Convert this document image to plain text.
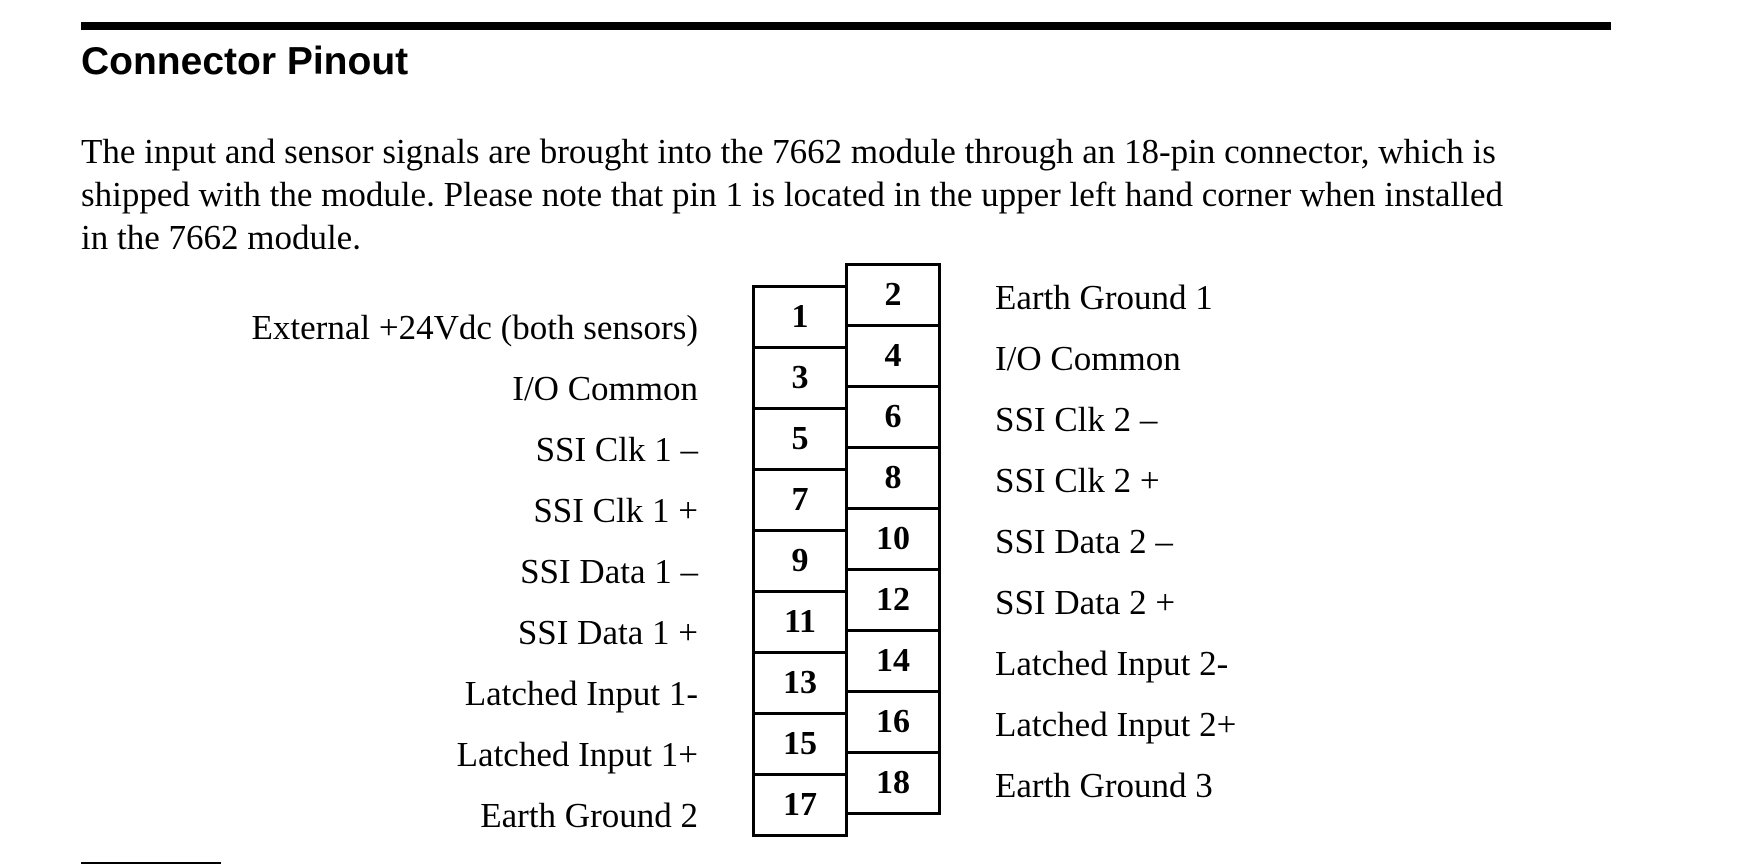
Connector Pinout

The input and sensor signals are brought into the 7662 module through an 18-pin connector, which is
shipped with the module. Please note that pin 1 is located in the upper left hand corner when installed
in the 7662 module.

2
4
6
8
10
12
14
16
18
1
3
5
7
9
11
13
15
17
External +24Vdc (both sensors)
I/O Common
SSI Clk 1 –
SSI Clk 1 +
SSI Data 1 –
SSI Data 1 +
Latched Input 1-
Latched Input 1+
Earth Ground 2
Earth Ground 1
I/O Common
SSI Clk 2 –
SSI Clk 2 +
SSI Data 2 –
SSI Data 2 +
Latched Input 2-
Latched Input 2+
Earth Ground 3
